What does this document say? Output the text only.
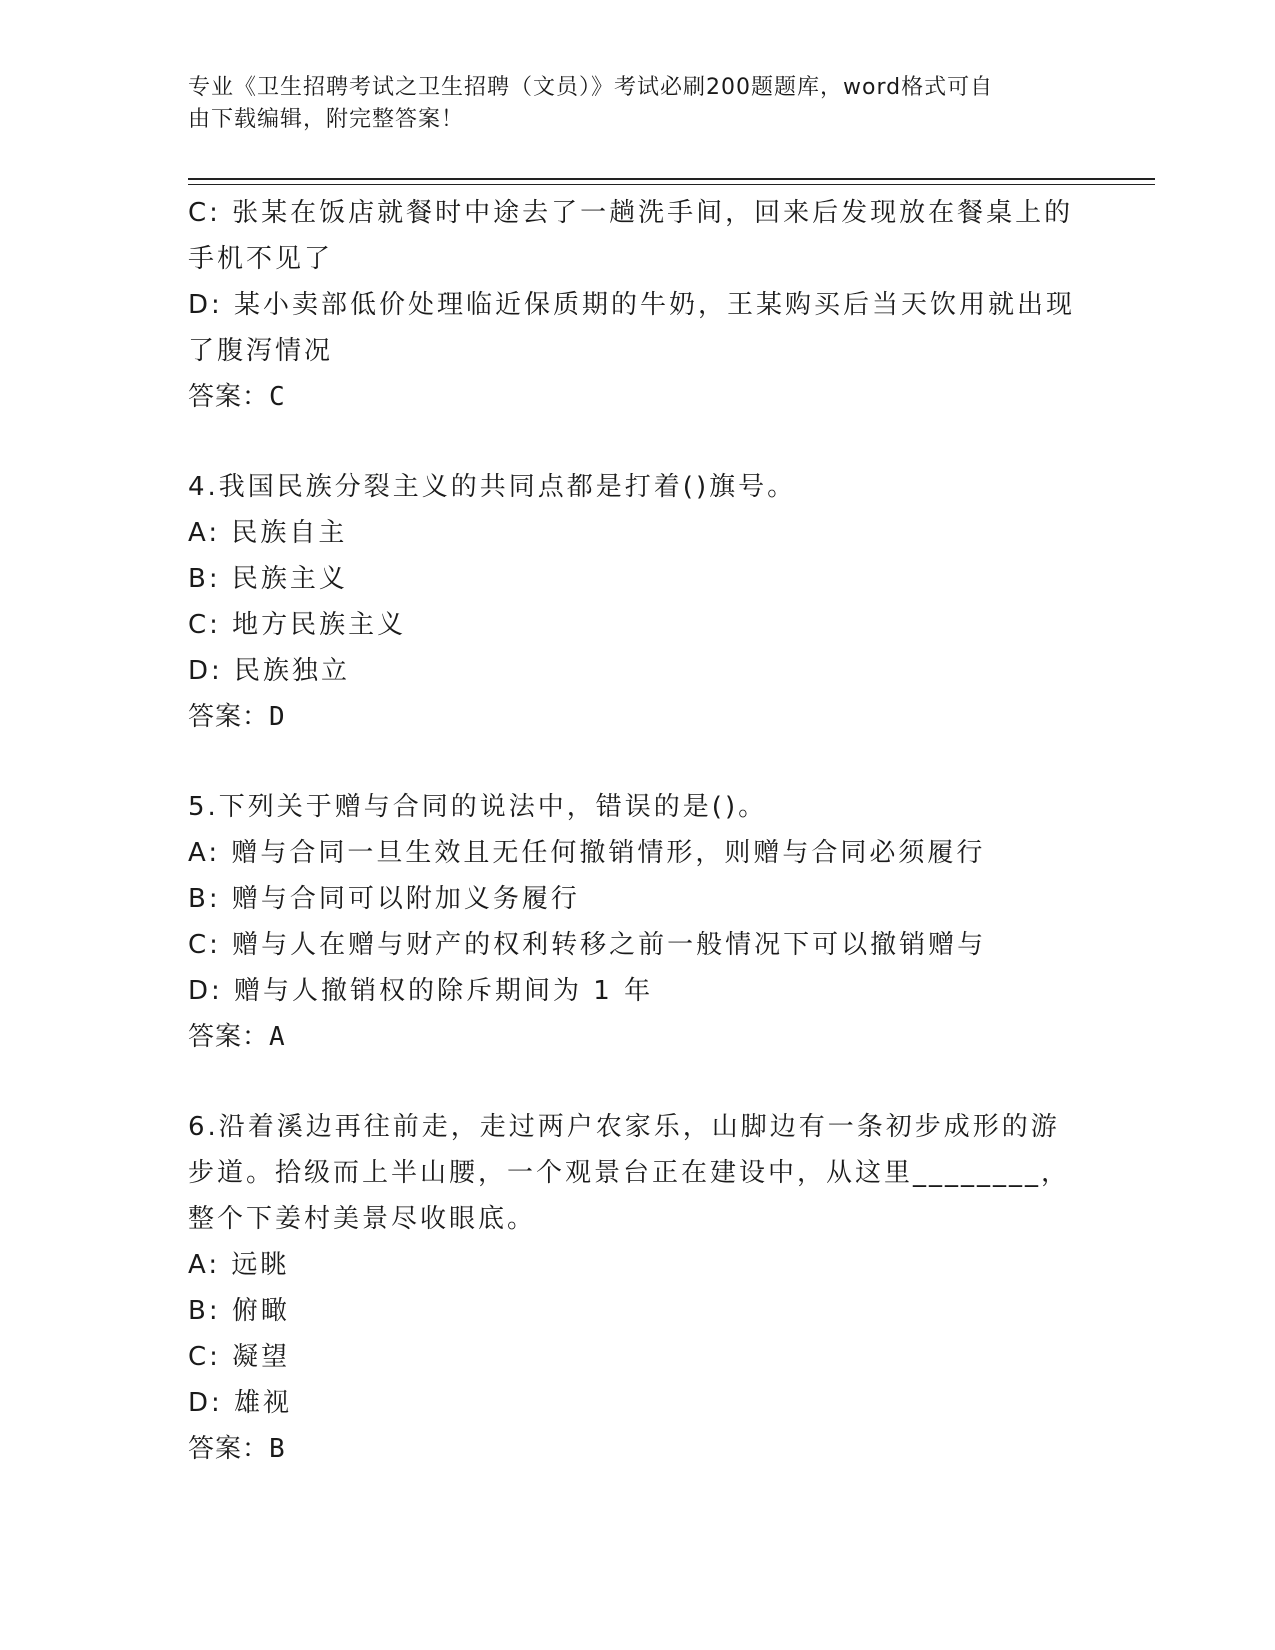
专业《卫生招聘考试之卫生招聘（文员）》考试必刷200题题库，word格式可自
由下载编辑，附完整答案！
C: 张某在饭店就餐时中途去了一趟洗手间，回来后发现放在餐桌上的
手机不见了
D: 某小卖部低价处理临近保质期的牛奶，王某购买后当天饮用就出现
了腹泻情况
答案：C
4.我国民族分裂主义的共同点都是打着()旗号。
A: 民族自主
B: 民族主义
C: 地方民族主义
D: 民族独立
答案：D
5.下列关于赠与合同的说法中，错误的是()。
A: 赠与合同一旦生效且无任何撤销情形，则赠与合同必须履行
B: 赠与合同可以附加义务履行
C: 赠与人在赠与财产的权利转移之前一般情况下可以撤销赠与
D: 赠与人撤销权的除斥期间为 1 年
答案：A
6.沿着溪边再往前走，走过两户农家乐，山脚边有一条初步成形的游
步道。拾级而上半山腰，一个观景台正在建设中，从这里________，
整个下姜村美景尽收眼底。
A: 远眺
B: 俯瞰
C: 凝望
D: 雄视
答案：B
